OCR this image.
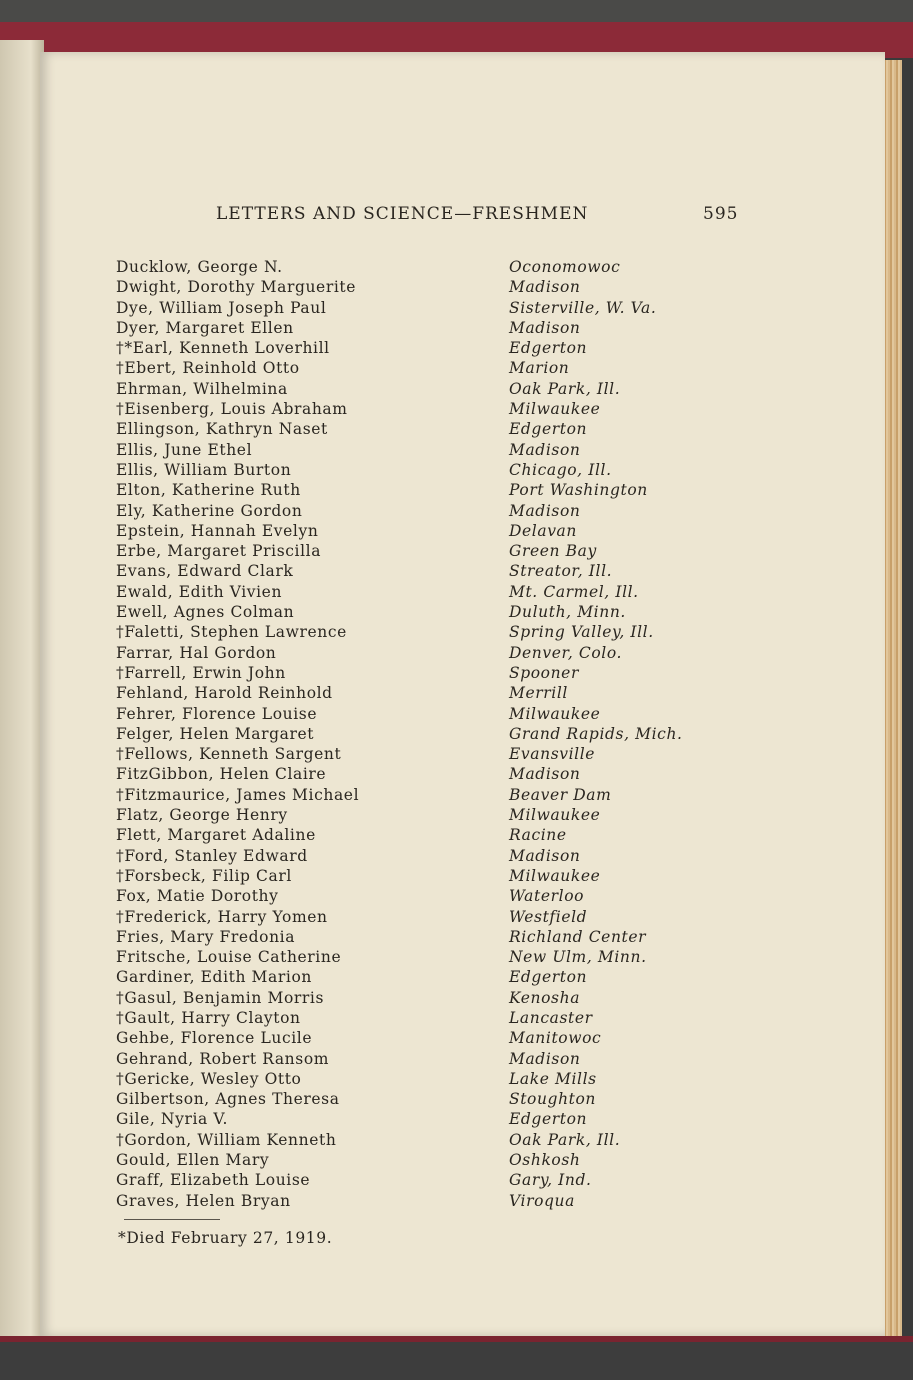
LETTERS AND SCIENCE—FRESHMEN	595
Ducklow, George N.	Oconomowoc
Dwight, Dorothy Marguerite	Madison
Dye, William Joseph Paul	Sisterville, W. Va.
Dyer, Margaret Ellen	Madison
†*Earl, Kenneth Loverhill	Edgerton
†Ebert, Reinhold Otto	Marion
Ehrman, Wilhelmina	Oak Park, Ill.
†Eisenberg, Louis Abraham	Milwaukee
Ellingson, Kathryn Naset	Edgerton
Ellis, June Ethel	Madison
Ellis, William Burton	Chicago, Ill.
Elton, Katherine Ruth	Port Washington
Ely, Katherine Gordon	Madison
Epstein, Hannah Evelyn	Delavan
Erbe, Margaret Priscilla	Green Bay
Evans, Edward Clark	Streator, Ill.
Ewald, Edith Vivien	Mt. Carmel, Ill.
Ewell, Agnes Colman	Duluth, Minn.
†Faletti, Stephen Lawrence	Spring Valley, Ill.
Farrar, Hal Gordon	Denver, Colo.
†Farrell, Erwin John	Spooner
Fehland, Harold Reinhold	Merrill
Fehrer, Florence Louise	Milwaukee
Felger, Helen Margaret	Grand Rapids, Mich.
†Fellows, Kenneth Sargent	Evansville
FitzGibbon, Helen Claire	Madison
†Fitzmaurice, James Michael	Beaver Dam
Flatz, George Henry	Milwaukee
Flett, Margaret Adaline	Racine
†Ford, Stanley Edward	Madison
†Forsbeck, Filip Carl	Milwaukee
Fox, Matie Dorothy	Waterloo
†Frederick, Harry Yomen	Westfield
Fries, Mary Fredonia	Richland Center
Fritsche, Louise Catherine	New Ulm, Minn.
Gardiner, Edith Marion	Edgerton
†Gasul, Benjamin Morris	Kenosha
†Gault, Harry Clayton	Lancaster
Gehbe, Florence Lucile	Manitowoc
Gehrand, Robert Ransom	Madison
†Gericke, Wesley Otto	Lake Mills
Gilbertson, Agnes Theresa	Stoughton
Gile, Nyria V.	Edgerton
†Gordon, William Kenneth	Oak Park, Ill.
Gould, Ellen Mary	Oshkosh
Graff, Elizabeth Louise	Gary, Ind.
Graves, Helen Bryan	Viroqua
*Died February 27, 1919.
